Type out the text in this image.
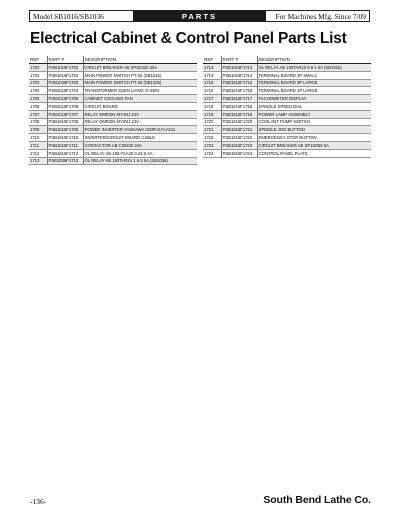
Model SB1016/SB1036	PARTS	For Machines Mfg. Since 7/09
Electrical Cabinet & Control Panel Parts List
REF	PART #	DESCRIPTION
1702	PSB1016F1702	CIRCUIT BREAKER AB SP3D320 20A
1703	PSB1016F1703	MAIN POWER SWITCH PT-32 (SB1016)
1703	PSB1036F1703	MAIN POWER SWITCH PT-25 (SB1036)
1704	PSB1016F1704	TRANSFORMER SUEN LIANG O-440V
1705	PSB1016F1705	CABINET COOLING FAN
1706	PSB1016F1706	CIRCUIT BOARD
1707	PSB1016F1707	RELAY OMRON MY4NJ 24V
1708	PSB1016F1708	RELAY OMRON MY2NJ 24V
1709	PSB1016F1709	POWER INVERTER YASKAWA CIMR-G7AA011
1710	PSB1016F1710	INVERTER/CIRCUIT BOARD CABLE
1711	PSB1016F1711	CONTACTOR AB C09400 24V
1712	PSB1016F1712	OL RELAY AB 193-TAA40 0.24-0.4A
1713	PSB1036F1713	OL RELAY AB 193TAR24 1.6-2.5A (SB1036)
REF	PART #	DESCRIPTION
1713	PSB1016F1713	OL RELAY AB 193TAR10 0.6-1.0A (SB1016)
1714	PSB1016F1714	TERMINAL BOARD 3P SMALL
1715	PSB1016F1715	TERMINAL BOARD 3P LARGE
1716	PSB1016F1716	TERMINAL BOARD 1P LARGE
1717	PSB1016F1717	TACHOMETER DISPLAY
1718	PSB1016F1718	SPINDLE SPEED DIAL
1719	PSB1016F1719	POWER LAMP ASSEMBLY
1720	PSB1016F1720	COOLANT PUMP SWITCH
1721	PSB1016F1721	SPINDLE JOG BUTTON
1722	PSB1016F1722	EMERGENCY STOP BUTTON
1723	PSB1016F1723	CIRCUIT BREAKER AB SP1D050 5A
1724	PSB1016F1724	CONTROL PANEL PLATE
-136-	South Bend Lathe Co.
